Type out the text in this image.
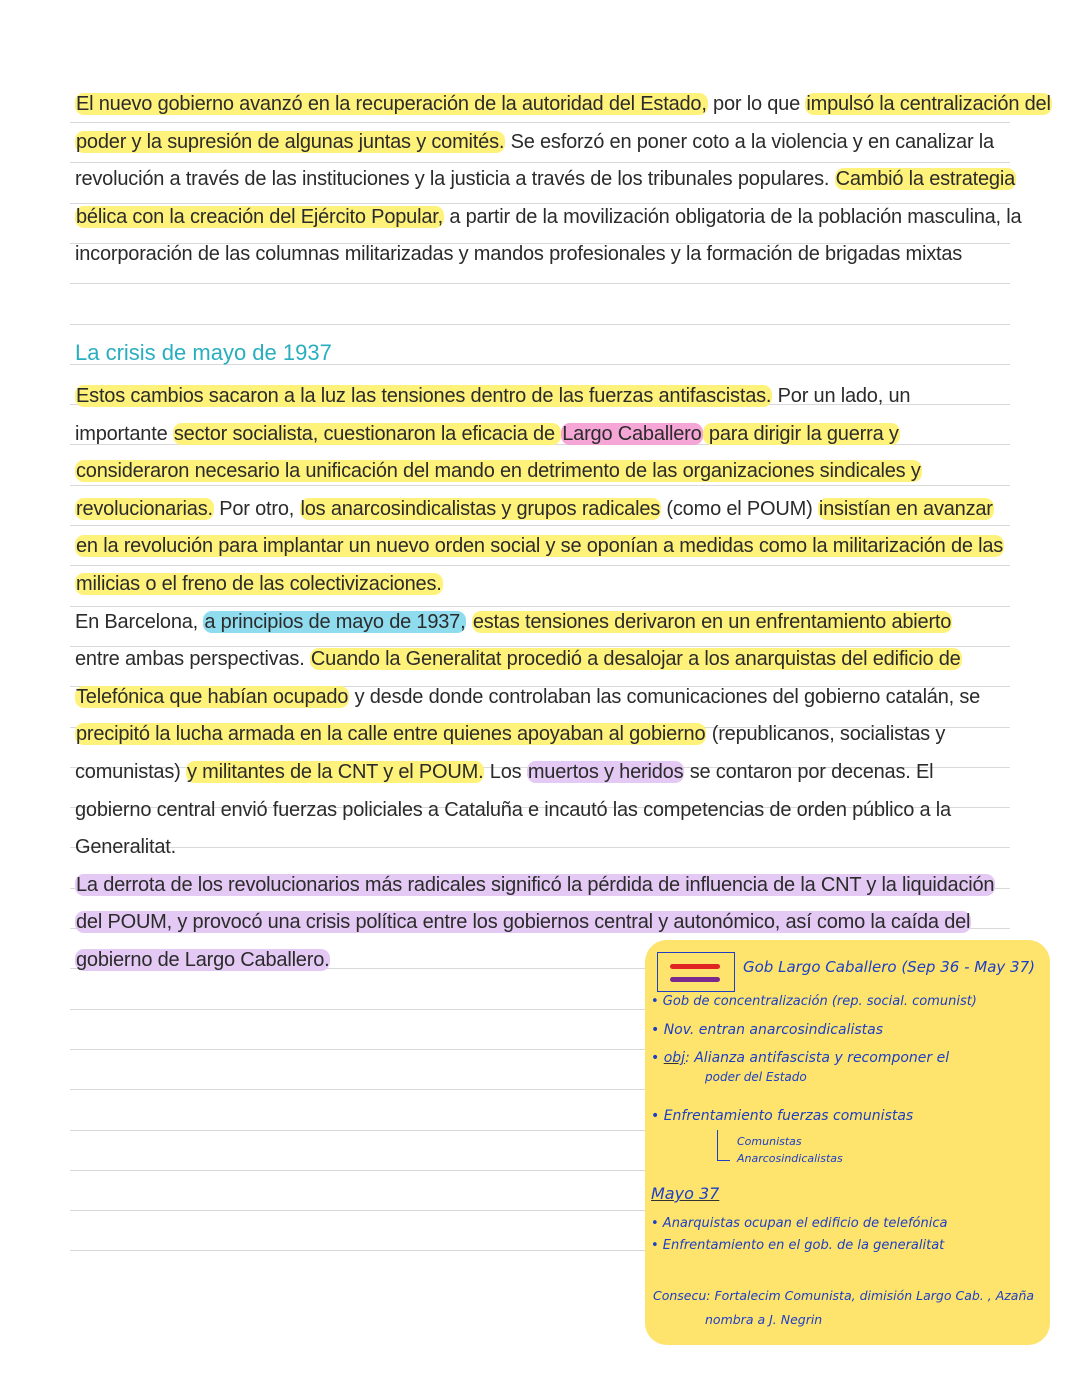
El nuevo gobierno avanzó en la recuperación de la autoridad del Estado, por lo que impulsó la centralización del
poder y la supresión de algunas juntas y comités. Se esforzó en poner coto a la violencia y en canalizar la
revolución a través de las instituciones y la justicia a través de los tribunales populares. Cambió la estrategia
bélica con la creación del Ejército Popular, a partir de la movilización obligatoria de la población masculina, la
incorporación de las columnas militarizadas y mandos profesionales y la formación de brigadas mixtas
La crisis de mayo de 1937
Estos cambios sacaron a la luz las tensiones dentro de las fuerzas antifascistas. Por un lado, un
importante sector socialista, cuestionaron la eficacia de Largo Caballero para dirigir la guerra y
consideraron necesario la unificación del mando en detrimento de las organizaciones sindicales y
revolucionarias. Por otro, los anarcosindicalistas y grupos radicales (como el POUM) insistían en avanzar
en la revolución para implantar un nuevo orden social y se oponían a medidas como la militarización de las
milicias o el freno de las colectivizaciones.
En Barcelona, a principios de mayo de 1937, estas tensiones derivaron en un enfrentamiento abierto
entre ambas perspectivas. Cuando la Generalitat procedió a desalojar a los anarquistas del edificio de
Telefónica que habían ocupado y desde donde controlaban las comunicaciones del gobierno catalán, se
precipitó la lucha armada en la calle entre quienes apoyaban al gobierno (republicanos, socialistas y
comunistas) y militantes de la CNT y el POUM. Los muertos y heridos se contaron por decenas. El
gobierno central envió fuerzas policiales a Cataluña e incautó las competencias de orden público a la
Generalitat.
La derrota de los revolucionarios más radicales significó la pérdida de influencia de la CNT y la liquidación
del POUM, y provocó una crisis política entre los gobiernos central y autonómico, así como la caída del
gobierno de Largo Caballero.	Gob Largo Caballero (Sep 36 - May 37)
• Gob de concentralización (rep. social. comunist)
• Nov. entran anarcosindicalistas
• obj: Alianza antifascista y recomponer el
poder del Estado
• Enfrentamiento fuerzas comunistas
Comunistas
Anarcosindicalistas
Mayo 37
• Anarquistas ocupan el edificio de telefónica
• Enfrentamiento en el gob. de la generalitat
Consecu: Fortalecim Comunista, dimisión Largo Cab. , Azaña
nombra a J. Negrin
